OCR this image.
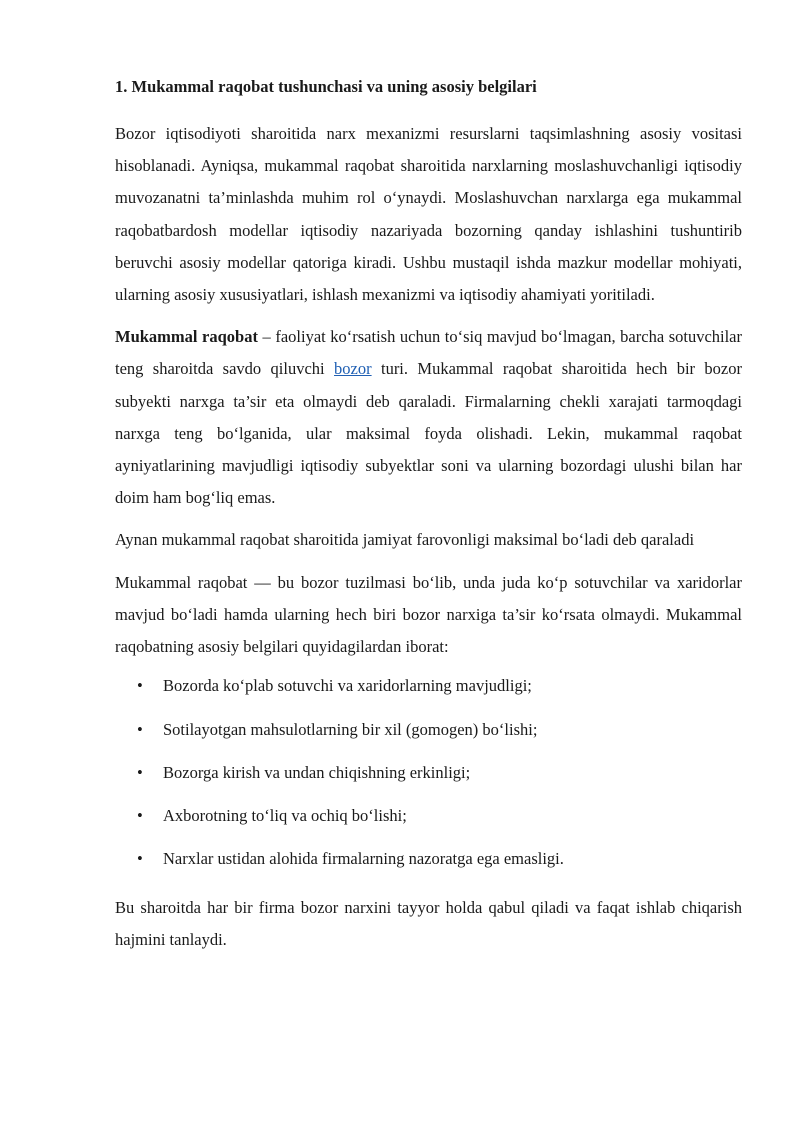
1. Mukammal raqobat tushunchasi va uning asosiy belgilari

Bozor iqtisodiyoti sharoitida narx mexanizmi resurslarni taqsimlashning asosiy vositasi hisoblanadi. Ayniqsa, mukammal raqobat sharoitida narxlarning moslashuvchanligi iqtisodiy muvozanatni ta’minlashda muhim rol o‘ynaydi. Moslashuvchan narxlarga ega mukammal raqobatbardosh modellar iqtisodiy nazariyada bozorning qanday ishlashini tushuntirib beruvchi asosiy modellar qatoriga kiradi. Ushbu mustaqil ishda mazkur modellar mohiyati, ularning asosiy xususiyatlari, ishlash mexanizmi va iqtisodiy ahamiyati yoritiladi.

Mukammal raqobat – faoliyat ko‘rsatish uchun to‘siq mavjud bo‘lmagan, barcha sotuvchilar teng sharoitda savdo qiluvchi bozor turi. Mukammal raqobat sharoitida hech bir bozor subyekti narxga ta’sir eta olmaydi deb qaraladi. Firmalarning chekli xarajati tarmoqdagi narxga teng bo‘lganida, ular maksimal foyda olishadi. Lekin, mukammal raqobat ayniyatlarining mavjudligi iqtisodiy subyektlar soni va ularning bozordagi ulushi bilan har doim ham bog‘liq emas.

Aynan mukammal raqobat sharoitida jamiyat farovonligi maksimal bo‘ladi deb qaraladi

Mukammal raqobat — bu bozor tuzilmasi bo‘lib, unda juda ko‘p sotuvchilar va xaridorlar mavjud bo‘ladi hamda ularning hech biri bozor narxiga ta’sir ko‘rsata olmaydi. Mukammal raqobatning asosiy belgilari quyidagilardan iborat:

• Bozorda ko‘plab sotuvchi va xaridorlarning mavjudligi;
• Sotilayotgan mahsulotlarning bir xil (gomogen) bo‘lishi;
• Bozorga kirish va undan chiqishning erkinligi;
• Axborotning to‘liq va ochiq bo‘lishi;
• Narxlar ustidan alohida firmalarning nazoratga ega emasligi.

Bu sharoitda har bir firma bozor narxini tayyor holda qabul qiladi va faqat ishlab chiqarish hajmini tanlaydi.
